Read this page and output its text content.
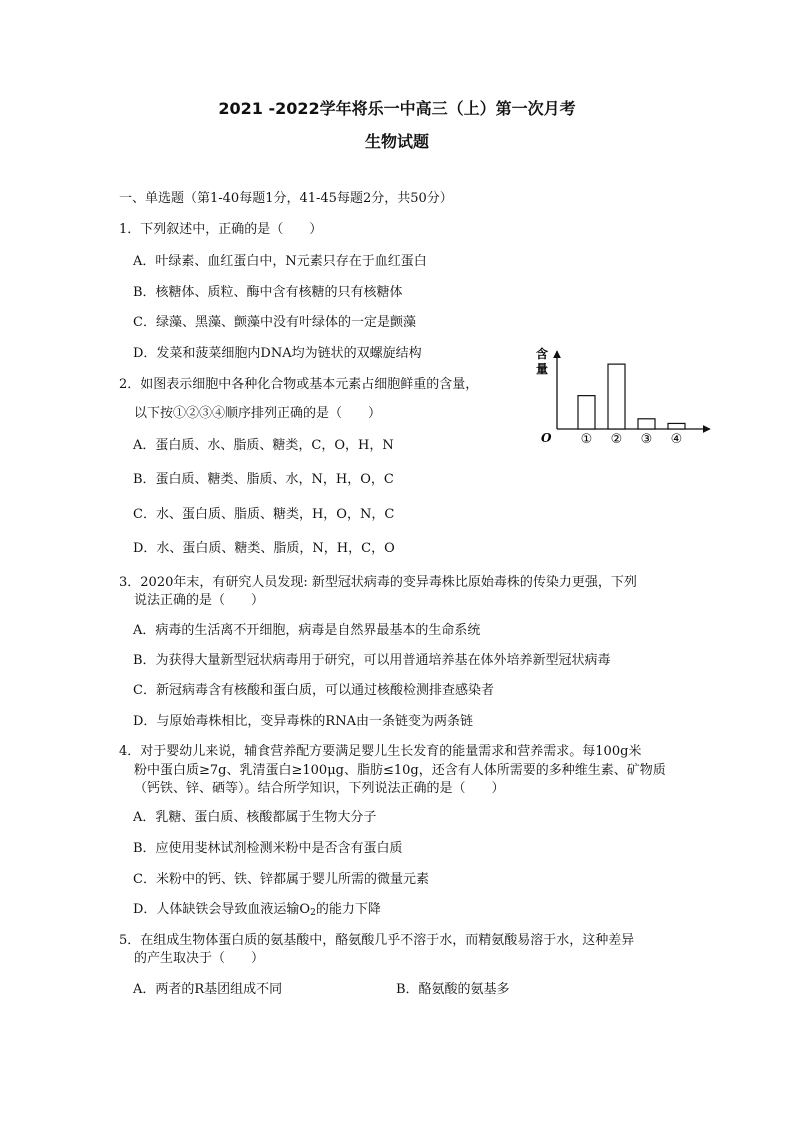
2021 -2022学年将乐一中高三（上）第一次月考
生物试题
一、单选题（第1-40每题1分，41-45每题2分，共50分）
1．下列叙述中，正确的是（　　）
A．叶绿素、血红蛋白中，N元素只存在于血红蛋白
B．核糖体、质粒、酶中含有核糖的只有核糖体
C．绿藻、黑藻、颤藻中没有叶绿体的一定是颤藻
D．发菜和菠菜细胞内DNA均为链状的双螺旋结构
2．如图表示细胞中各种化合物或基本元素占细胞鲜重的含量，
以下按①②③④顺序排列正确的是（　　）
A．蛋白质、水、脂质、糖类，C，O，H，N
B．蛋白质、糖类、脂质、水，N，H，O，C
C．水、蛋白质、脂质、糖类，H，O，N，C
D．水、蛋白质、糖类、脂质，N，H，C，O
含
量
O ① ② ③ ④
3．2020年末，有研究人员发现: 新型冠状病毒的变异毒株比原始毒株的传染力更强，下列
说法正确的是（　　）
A．病毒的生活离不开细胞，病毒是自然界最基本的生命系统
B．为获得大量新型冠状病毒用于研究，可以用普通培养基在体外培养新型冠状病毒
C．新冠病毒含有核酸和蛋白质，可以通过核酸检测排查感染者
D．与原始毒株相比，变异毒株的RNA由一条链变为两条链
4．对于婴幼儿来说，辅食营养配方要满足婴儿生长发育的能量需求和营养需求。每100g米
粉中蛋白质≥7g、乳清蛋白≥100μg、脂肪≤10g，还含有人体所需要的多种维生素、矿物质
（钙铁、锌、硒等）。结合所学知识，下列说法正确的是（　　）
A．乳糖、蛋白质、核酸都属于生物大分子
B．应使用斐林试剂检测米粉中是否含有蛋白质
C．米粉中的钙、铁、锌都属于婴儿所需的微量元素
D．人体缺铁会导致血液运输$O_2$的能力下降
5．在组成生物体蛋白质的氨基酸中，酪氨酸几乎不溶于水，而精氨酸易溶于水，这种差异
的产生取决于（　　）
A．两者的R基团组成不同	B．酪氨酸的氨基多
